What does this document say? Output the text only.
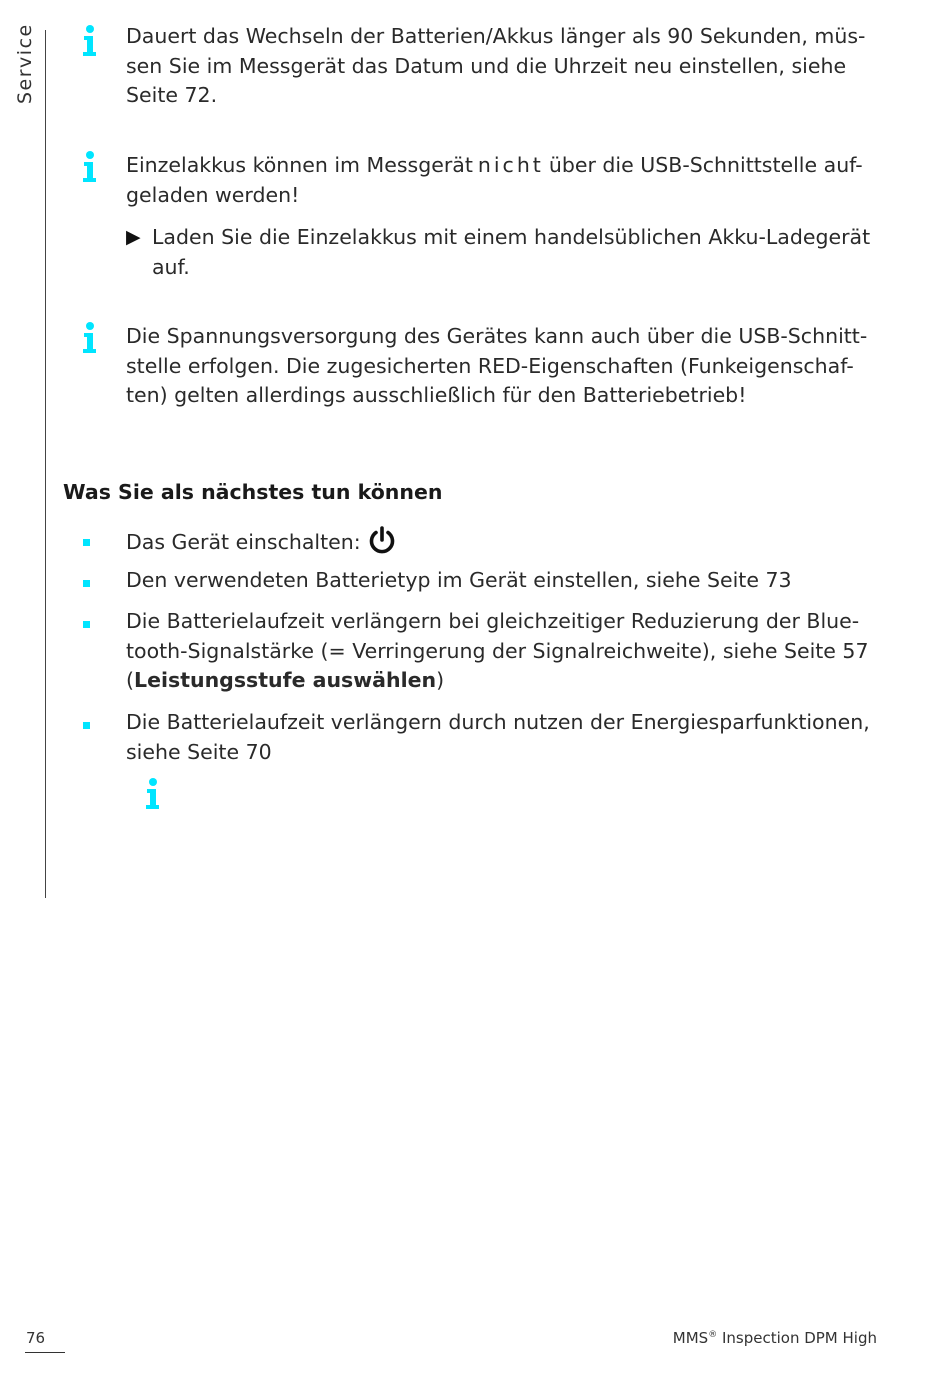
Service	Dauert das Wechseln der Batterien/Akkus länger als 90 Sekunden, müs-
sen Sie im Messgerät das Datum und die Uhrzeit neu einstellen, siehe
Seite 72.
Einzelakkus können im Messgerät nicht über die USB-Schnittstelle auf-
geladen werden!
▶ Laden Sie die Einzelakkus mit einem handelsüblichen Akku-Ladegerät
auf.
Die Spannungsversorgung des Gerätes kann auch über die USB-Schnitt-
stelle erfolgen. Die zugesicherten RED-Eigenschaften (Funkeigenschaf-
ten) gelten allerdings ausschließlich für den Batteriebetrieb!
Was Sie als nächstes tun können
Das Gerät einschalten:
Den verwendeten Batterietyp im Gerät einstellen, siehe Seite 73
Die Batterielaufzeit verlängern bei gleichzeitiger Reduzierung der Blue-
tooth-Signalstärke (= Verringerung der Signalreichweite), siehe Seite 57
(Leistungsstufe auswählen)
Die Batterielaufzeit verlängern durch nutzen der Energiesparfunktionen,
siehe Seite 70
76	MMS® Inspection DPM High
